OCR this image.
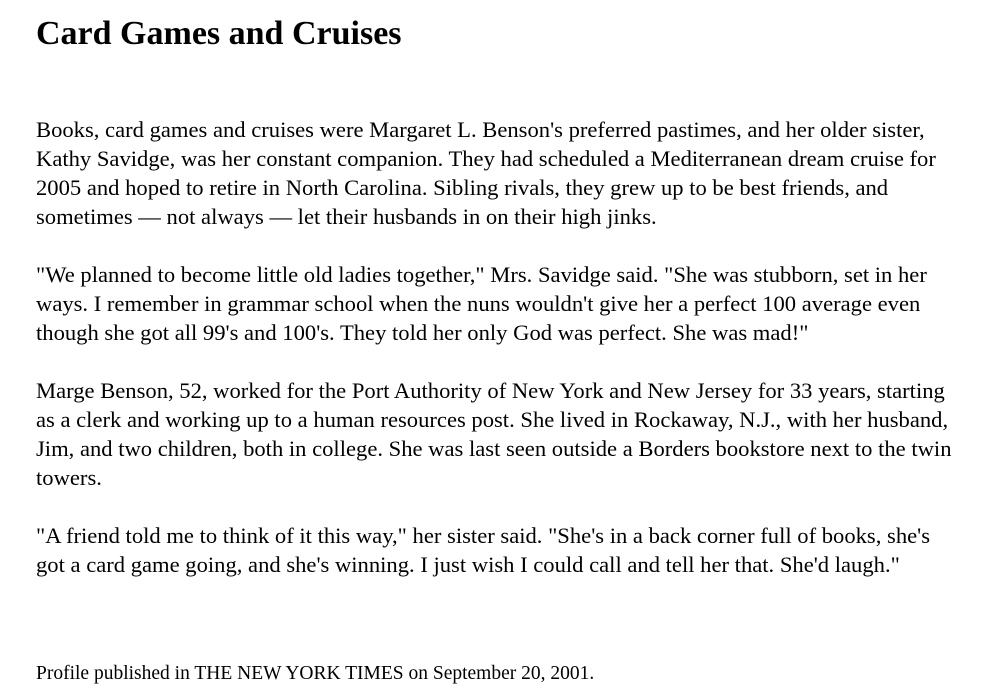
Card Games and Cruises

Books, card games and cruises were Margaret L. Benson's preferred pastimes, and her older sister, Kathy Savidge, was her constant companion. They had scheduled a Mediterranean dream cruise for 2005 and hoped to retire in North Carolina. Sibling rivals, they grew up to be best friends, and sometimes — not always — let their husbands in on their high jinks.

"We planned to become little old ladies together," Mrs. Savidge said. "She was stubborn, set in her ways. I remember in grammar school when the nuns wouldn't give her a perfect 100 average even though she got all 99's and 100's. They told her only God was perfect. She was mad!"

Marge Benson, 52, worked for the Port Authority of New York and New Jersey for 33 years, starting as a clerk and working up to a human resources post. She lived in Rockaway, N.J., with her husband, Jim, and two children, both in college. She was last seen outside a Borders bookstore next to the twin towers.

"A friend told me to think of it this way," her sister said. "She's in a back corner full of books, she's got a card game going, and she's winning. I just wish I could call and tell her that. She'd laugh."

Profile published in THE NEW YORK TIMES on September 20, 2001.
